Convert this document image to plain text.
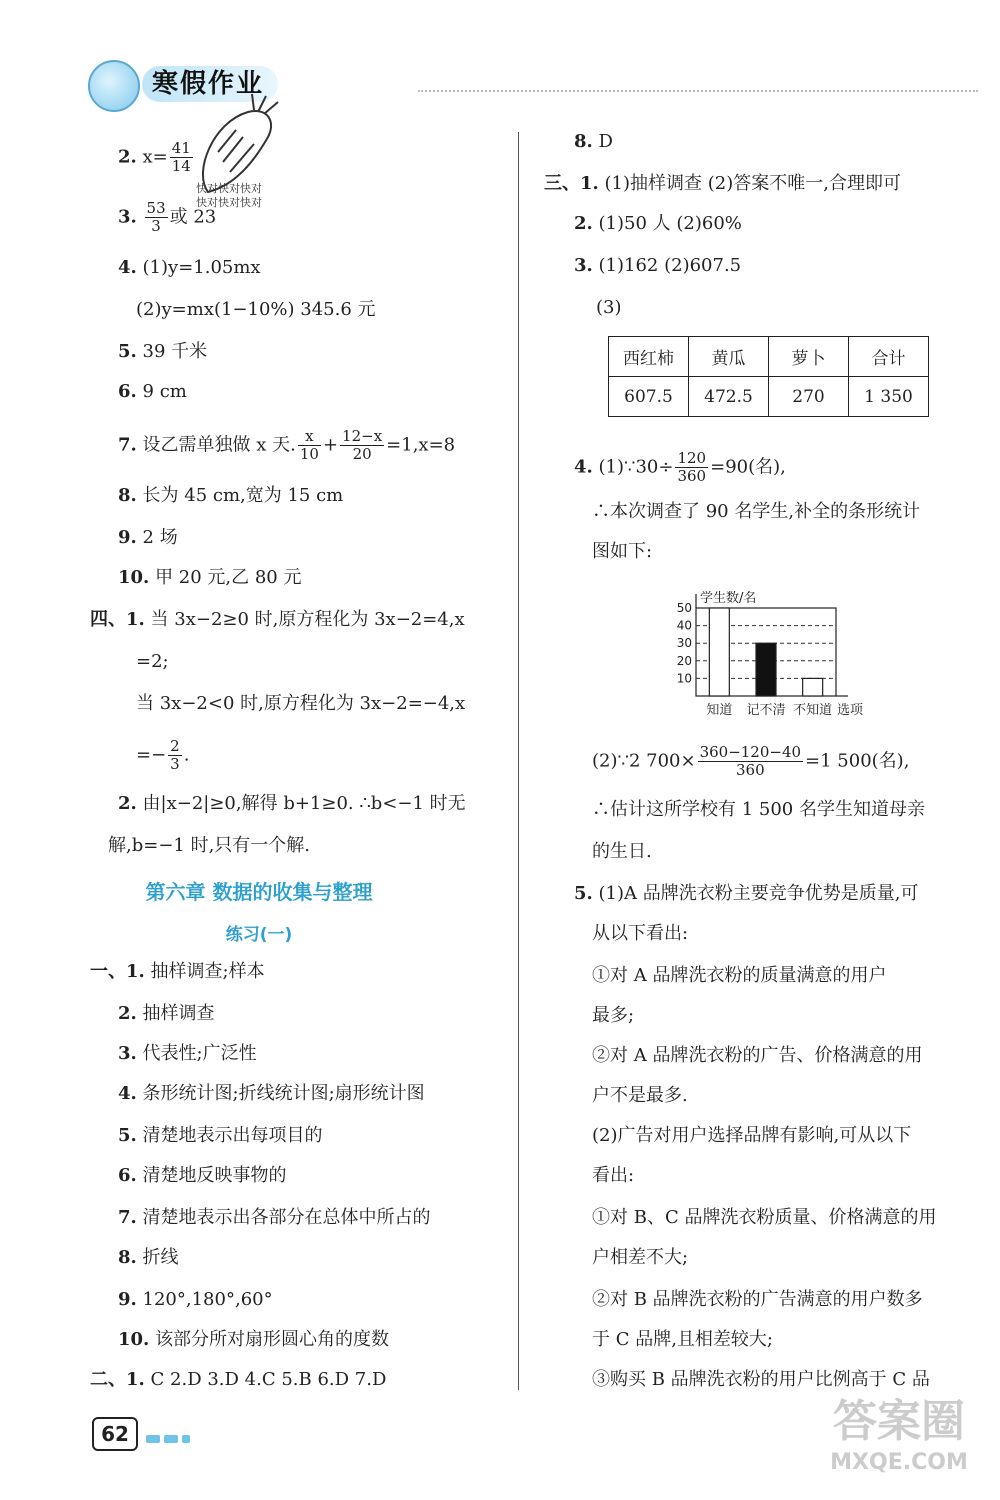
寒假作业
快对快对快对
快对快对快对
2. $x= \frac{41}{14}$
3. $\frac{53}{3}$ 或 23
4. (1)y=1.05mx
(2)y=mx(1−10%) 345.6 元
5. 39 千米
6. 9 cm
7. 设乙需单独做 x 天. $\frac{x}{10} + \frac{12-x}{20} =1,x=8$
8. 长为 45 cm,宽为 15 cm
9. 2 场
10. 甲 20 元,乙 80 元
四、1. 当 3x−2≥0 时,原方程化为 3x−2=4,x
=2;
当 3x−2<0 时,原方程化为 3x−2=−4,x
=− $\frac{2}{3}$ .
2. 由|x−2|≥0,解得 b+1≥0. ∴b<−1 时无
解,b=−1 时,只有一个解.
第六章 数据的收集与整理
练习(一)
一、1. 抽样调查;样本
2. 抽样调查
3. 代表性;广泛性
4. 条形统计图;折线统计图;扇形统计图
5. 清楚地表示出每项目的
6. 清楚地反映事物的
7. 清楚地表示出各部分在总体中所占的
8. 折线
9. 120°,180°,60°
10. 该部分所对扇形圆心角的度数
二、1. C 2.D 3.D 4.C 5.B 6.D 7.D
8. D
三、1. (1)抽样调查 (2)答案不唯一,合理即可
2. (1)50 人 (2)60%
3. (1)162 (2)607.5
(3)
西红柿	黄瓜	萝卜	合计
607.5	472.5	270	1 350
4. (1)∵30÷ $\frac{120}{360} =90$(名),
∴本次调查了 90 名学生,补全的条形统计
图如下:
10
20
30
40
50
知道 记不清 不知道 选项
学生数/名
(2)∵2 $700\times \frac{360-120-40}{360} =1$ 500(名),
∴估计这所学校有 1 500 名学生知道母亲
的生日.
5. (1)A 品牌洗衣粉主要竞争优势是质量,可
从以下看出:
①对 A 品牌洗衣粉的质量满意的用户
最多;
②对 A 品牌洗衣粉的广告、价格满意的用
户不是最多.
(2)广告对用户选择品牌有影响,可从以下
看出:
①对 B、C 品牌洗衣粉质量、价格满意的用
户相差不大;
②对 B 品牌洗衣粉的广告满意的用户数多
于 C 品牌,且相差较大;
③购买 B 品牌洗衣粉的用户比例高于 C 品
62	答案圈
MXQE.COM
